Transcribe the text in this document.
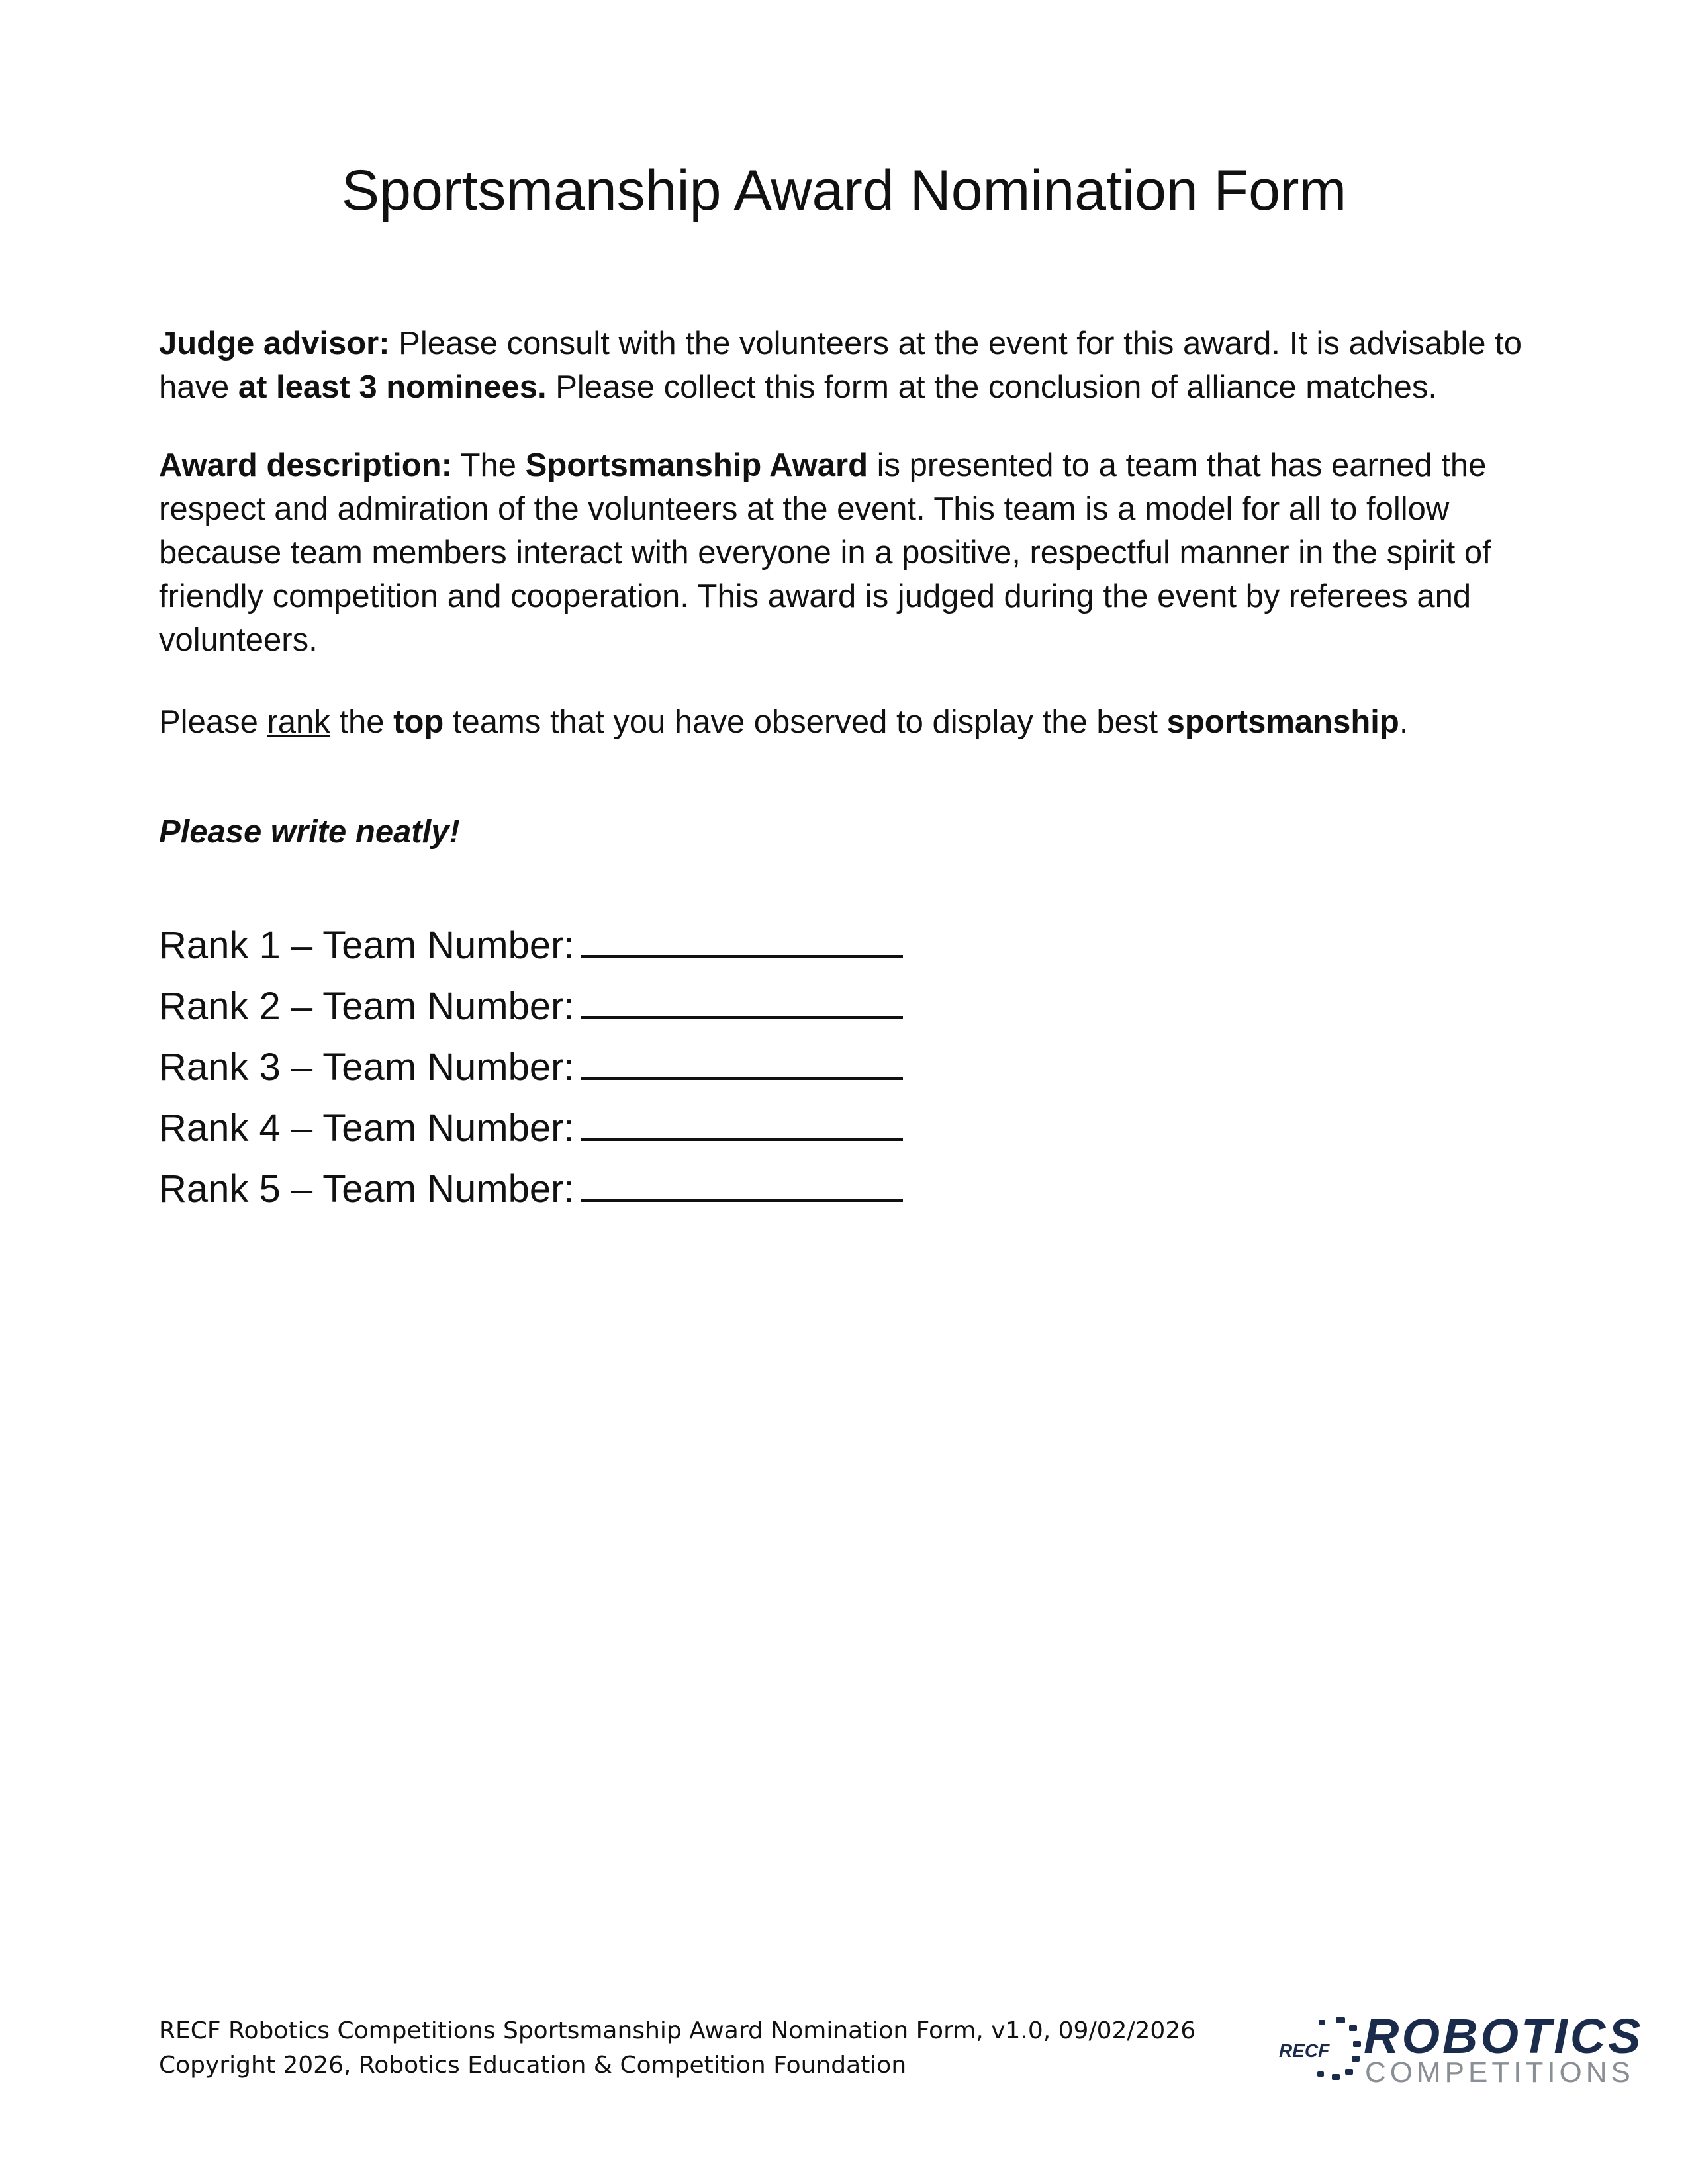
Sportsmanship Award Nomination Form
Judge advisor: Please consult with the volunteers at the event for this award. It is advisable to have at least 3 nominees. Please collect this form at the conclusion of alliance matches.
Award description: The Sportsmanship Award is presented to a team that has earned the respect and admiration of the volunteers at the event. This team is a model for all to follow because team members interact with everyone in a positive, respectful manner in the spirit of friendly competition and cooperation. This award is judged during the event by referees and volunteers.
Please rank the top teams that you have observed to display the best sportsmanship.
Please write neatly!
Rank 1 – Team Number:
Rank 2 – Team Number:
Rank 3 – Team Number:
Rank 4 – Team Number:
Rank 5 – Team Number:
RECF Robotics Competitions Sportsmanship Award Nomination Form, v1.0, 09/02/2026
Copyright 2026, Robotics Education & Competition Foundation
RECF ROBOTICS
COMPETITIONS
